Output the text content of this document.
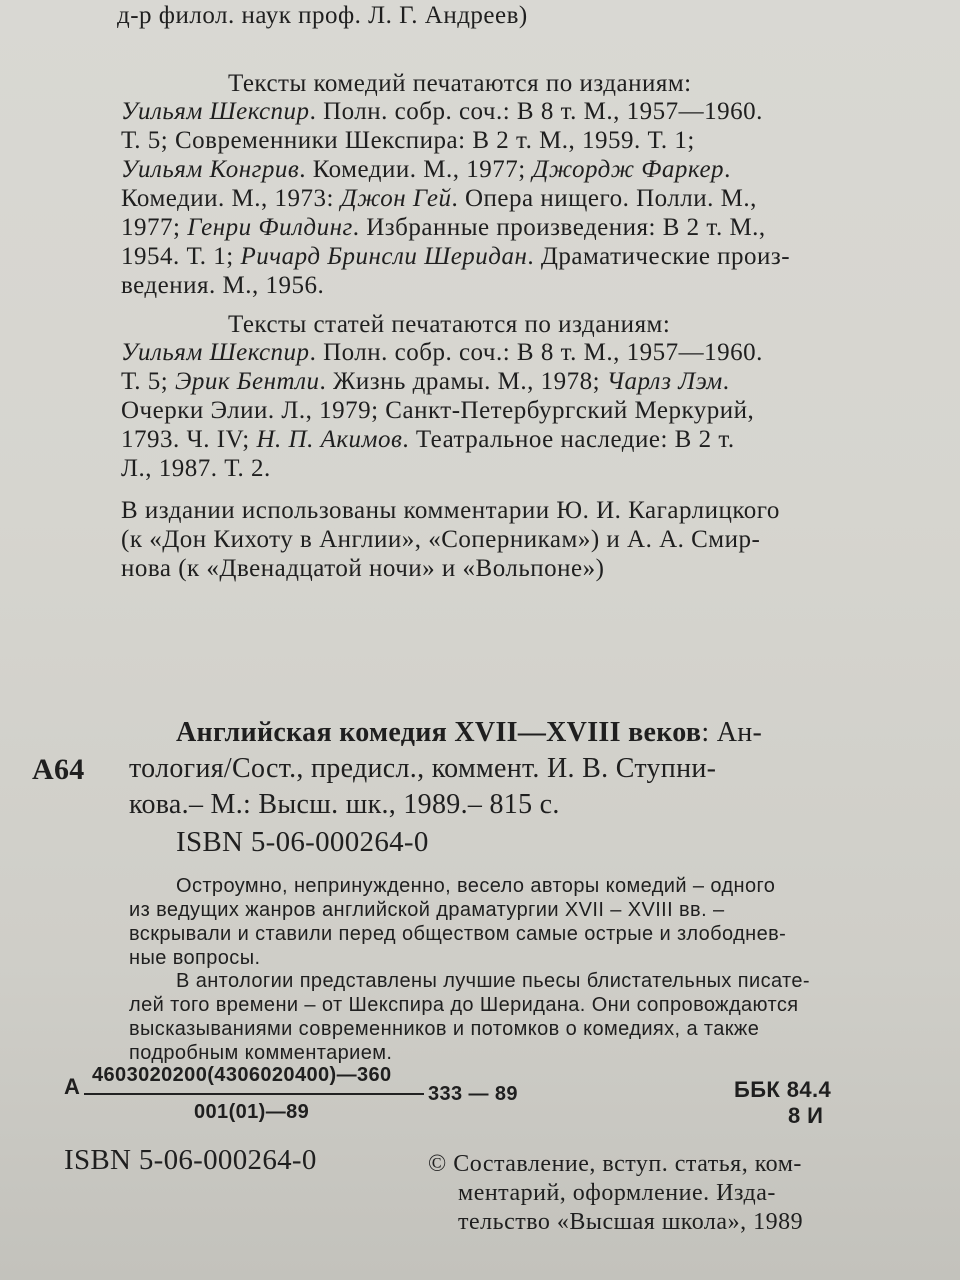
д-р филол. наук проф. Л. Г. Андреев)
Тексты комедий печатаются по изданиям:
Уильям Шекспир. Полн. собр. соч.: В 8 т. М., 1957—1960.
Т. 5; Современники Шекспира: В 2 т. М., 1959. Т. 1;
Уильям Конгрив. Комедии. М., 1977; Джордж Фаркер.
Комедии. М., 1973: Джон Гей. Опера нищего. Полли. М.,
1977; Генри Филдинг. Избранные произведения: В 2 т. М.,
1954. Т. 1; Ричард Бринсли Шеридан. Драматические произ-
ведения. М., 1956.
Тексты статей печатаются по изданиям:
Уильям Шекспир. Полн. собр. соч.: В 8 т. М., 1957—1960.
Т. 5; Эрик Бентли. Жизнь драмы. М., 1978; Чарлз Лэм.
Очерки Элии. Л., 1979; Санкт-Петербургский Меркурий,
1793. Ч. IV; Н. П. Акимов. Театральное наследие: В 2 т.
Л., 1987. Т. 2.
В издании использованы комментарии Ю. И. Кагарлицкого
(к «Дон Кихоту в Англии», «Соперникам») и А. А. Смир-
нова (к «Двенадцатой ночи» и «Вольпоне»)
Английская комедия XVII—XVIII веков: Ан-
А64 тология/Сост., предисл., коммент. И. В. Ступни-
кова.– М.: Высш. шк., 1989.– 815 с.
ISBN 5-06-000264-0
Остроумно, непринужденно, весело авторы комедий – одного
из ведущих жанров английской драматургии XVII – XVIII вв. –
вскрывали и ставили перед обществом самые острые и злободнев-
ные вопросы.
В антологии представлены лучшие пьесы блистательных писате-
лей того времени – от Шекспира до Шеридана. Они сопровождаются
высказываниями современников и потомков о комедиях, а также
подробным комментарием.
А 4603020200(4306020400)—360
001(01)—89
333 — 89	ББК 84.4
8 И
ISBN 5-06-000264-0	© Составление, вступ. статья, ком-
ментарий, оформление. Изда-
тельство «Высшая школа», 1989
